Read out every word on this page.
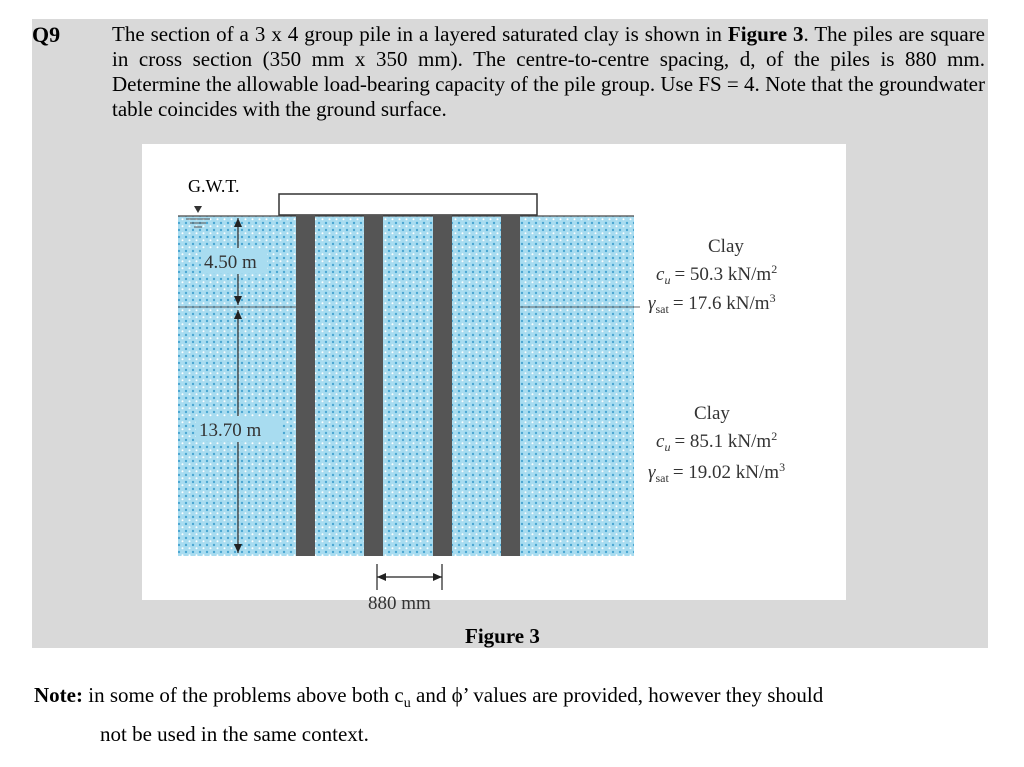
Q9 The section of a 3 x 4 group pile in a layered saturated clay is shown in Figure 3. The piles are square in cross section (350 mm x 350 mm). The centre-to-centre spacing, d, of the piles is 880 mm. Determine the allowable load-bearing capacity of the pile group. Use FS = 4. Note that the groundwater table coincides with the ground surface.
G.W.T.
4.50 m
13.70 m
880 mm
Clay
$c_u = 50.3$ $kN/m^2$
$\gamma_{sat} = 17.6$ $kN/m^3$
Clay
$c_u = 85.1$ $kN/m^2$
$\gamma_{sat} = 19.02$ $kN/m^3$
Figure 3
Note: in some of the problems above both $c_u$ and ϕ’ values are provided, however they should
not be used in the same context.
